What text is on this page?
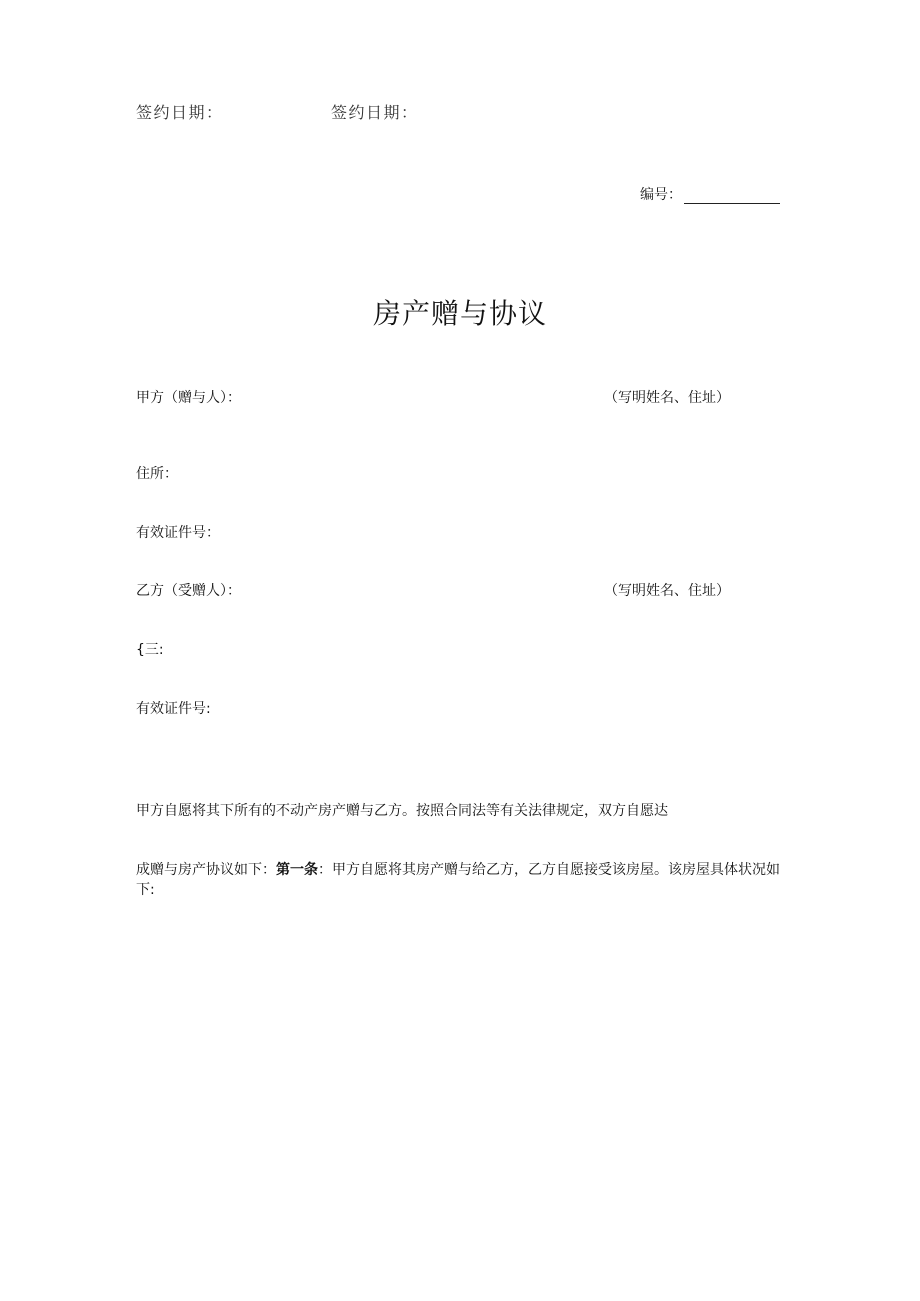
签约日期：	签约日期：
编号：
房产赠与协议
甲方（赠与人）：	（写明姓名、住址）
住所：
有效证件号：
乙方（受赠人）：	（写明姓名、住址）
{三:
有效证件号:
甲方自愿将其下所有的不动产房产赠与乙方。按照合同法等有关法律规定，双方自愿达
成赠与房产协议如下：第一条：甲方自愿将其房产赠与给乙方，乙方自愿接受该房屋。该房屋具体状况如下:
